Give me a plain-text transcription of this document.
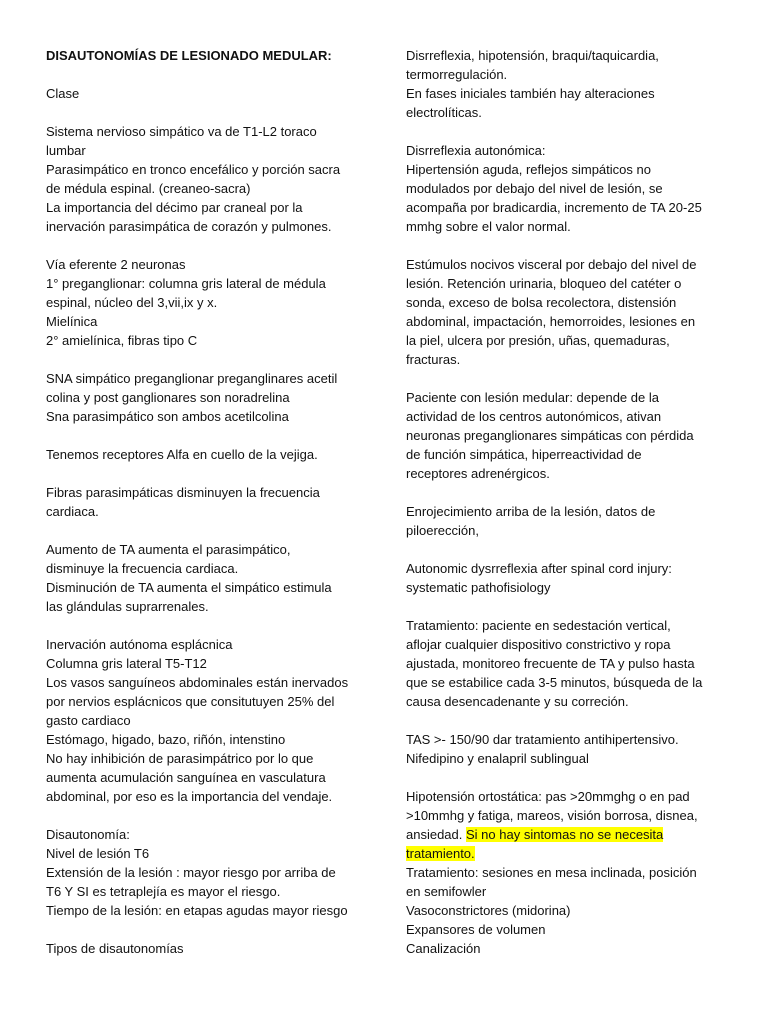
DISAUTONOMÍAS DE LESIONADO MEDULAR:

Clase

Sistema nervioso simpático va de T1-L2 toraco
lumbar
Parasimpático en tronco encefálico y porción sacra
de médula espinal. (creaneo-sacra)
La importancia del décimo par craneal por la
inervación parasimpática de corazón y pulmones.

Vía eferente 2 neuronas
1° preganglionar: columna gris lateral de médula
espinal, núcleo del 3,vii,ix y x.
Mielínica
2° amielínica, fibras tipo C

SNA simpático preganglionar preganglinares acetil
colina y post ganglionares son noradrelina
Sna parasimpático son ambos acetilcolina

Tenemos receptores Alfa en cuello de la vejiga.

Fibras parasimpáticas disminuyen la frecuencia
cardiaca.

Aumento de TA aumenta el parasimpático,
disminuye la frecuencia cardiaca.
Disminución de TA aumenta el simpático estimula
las glándulas suprarrenales.

Inervación autónoma esplácnica
Columna gris lateral T5-T12
Los vasos sanguíneos abdominales están inervados
por nervios esplácnicos que consitutuyen 25% del
gasto cardiaco
Estómago, higado, bazo, riñón, intenstino
No hay inhibición de parasimpátrico por lo que
aumenta acumulación sanguínea en vasculatura
abdominal, por eso es la importancia del vendaje.

Disautonomía:
Nivel de lesión T6
Extensión de la lesión : mayor riesgo por arriba de
T6 Y SI es tetraplejía es mayor el riesgo.
Tiempo de la lesión: en etapas agudas mayor riesgo

Tipos de disautonomías
Disrreflexia, hipotensión, braqui/taquicardia,
termorregulación.
En fases iniciales también hay alteraciones
electrolíticas.

Disrreflexia autonómica:
Hipertensión aguda, reflejos simpáticos no
modulados por debajo del nivel de lesión, se
acompaña por bradicardia, incremento de TA 20-25
mmhg sobre el valor normal.

Estúmulos nocivos visceral por debajo del nivel de
lesión. Retención urinaria, bloqueo del catéter o
sonda, exceso de bolsa recolectora, distensión
abdominal, impactación, hemorroides, lesiones en
la piel, ulcera por presión, uñas, quemaduras,
fracturas.

Paciente con lesión medular: depende de la
actividad de los centros autonómicos, ativan
neuronas preganglionares simpáticas con pérdida
de función simpática, hiperreactividad de
receptores adrenérgicos.

Enrojecimiento arriba de la lesión, datos de
piloerección,

Autonomic dysrreflexia after spinal cord injury:
systematic pathofisiology

Tratamiento: paciente en sedestación vertical,
aflojar cualquier dispositivo constrictivo y ropa
ajustada, monitoreo frecuente de TA y pulso hasta
que se estabilice cada 3-5 minutos, búsqueda de la
causa desencadenante y su correción.

TAS >- 150/90 dar tratamiento antihipertensivo.
Nifedipino y enalapril sublingual

Hipotensión ortostática: pas >20mmghg o en pad
>10mmhg y fatiga, mareos, visión borrosa, disnea,
ansiedad. Si no hay sintomas no se necesita
tratamiento.
Tratamiento: sesiones en mesa inclinada, posición
en semifowler
Vasoconstrictores (midorina)
Expansores de volumen
Canalización
